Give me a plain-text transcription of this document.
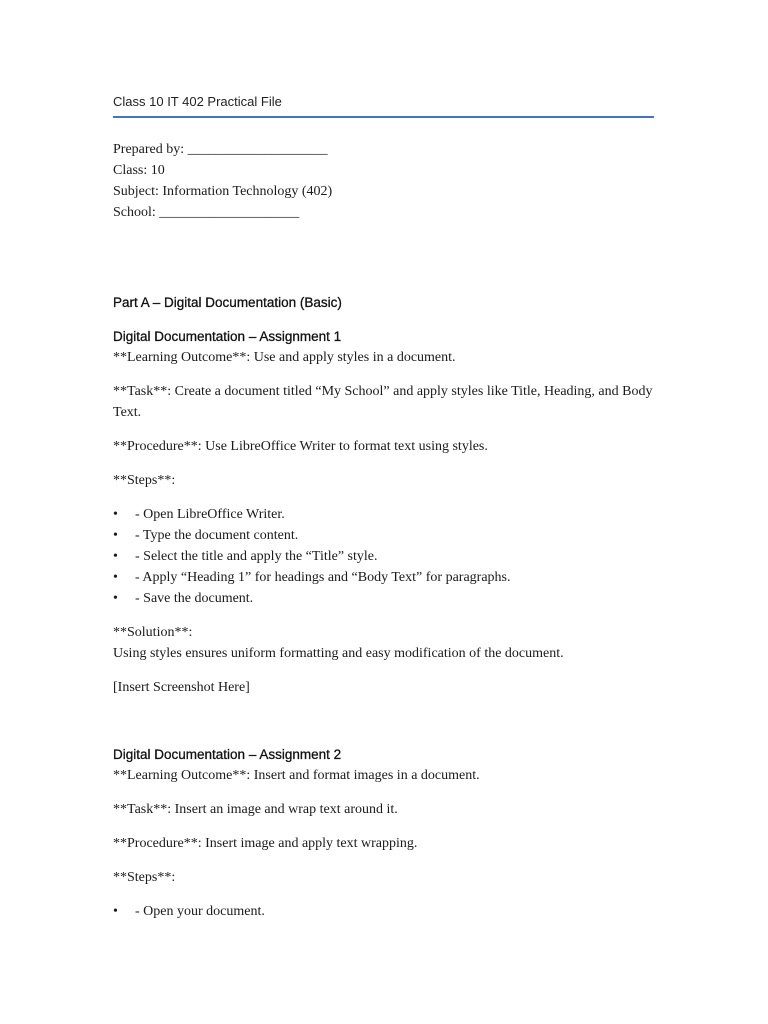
Class 10 IT 402 Practical File
Prepared by: ____________________
Class: 10
Subject: Information Technology (402)
School: ____________________
Part A – Digital Documentation (Basic)
Digital Documentation – Assignment 1

**Learning Outcome**: Use and apply styles in a document.

**Task**: Create a document titled “My School” and apply styles like Title, Heading, and Body Text.

**Procedure**: Use LibreOffice Writer to format text using styles.

**Steps**:

•	- Open LibreOffice Writer.
•	- Type the document content.
•	- Select the title and apply the “Title” style.
•	- Apply “Heading 1” for headings and “Body Text” for paragraphs.
•	- Save the document.

**Solution**:

Using styles ensures uniform formatting and easy modification of the document.

[Insert Screenshot Here]

Digital Documentation – Assignment 2

**Learning Outcome**: Insert and format images in a document.

**Task**: Insert an image and wrap text around it.

**Procedure**: Insert image and apply text wrapping.

**Steps**:

•	- Open your document.
